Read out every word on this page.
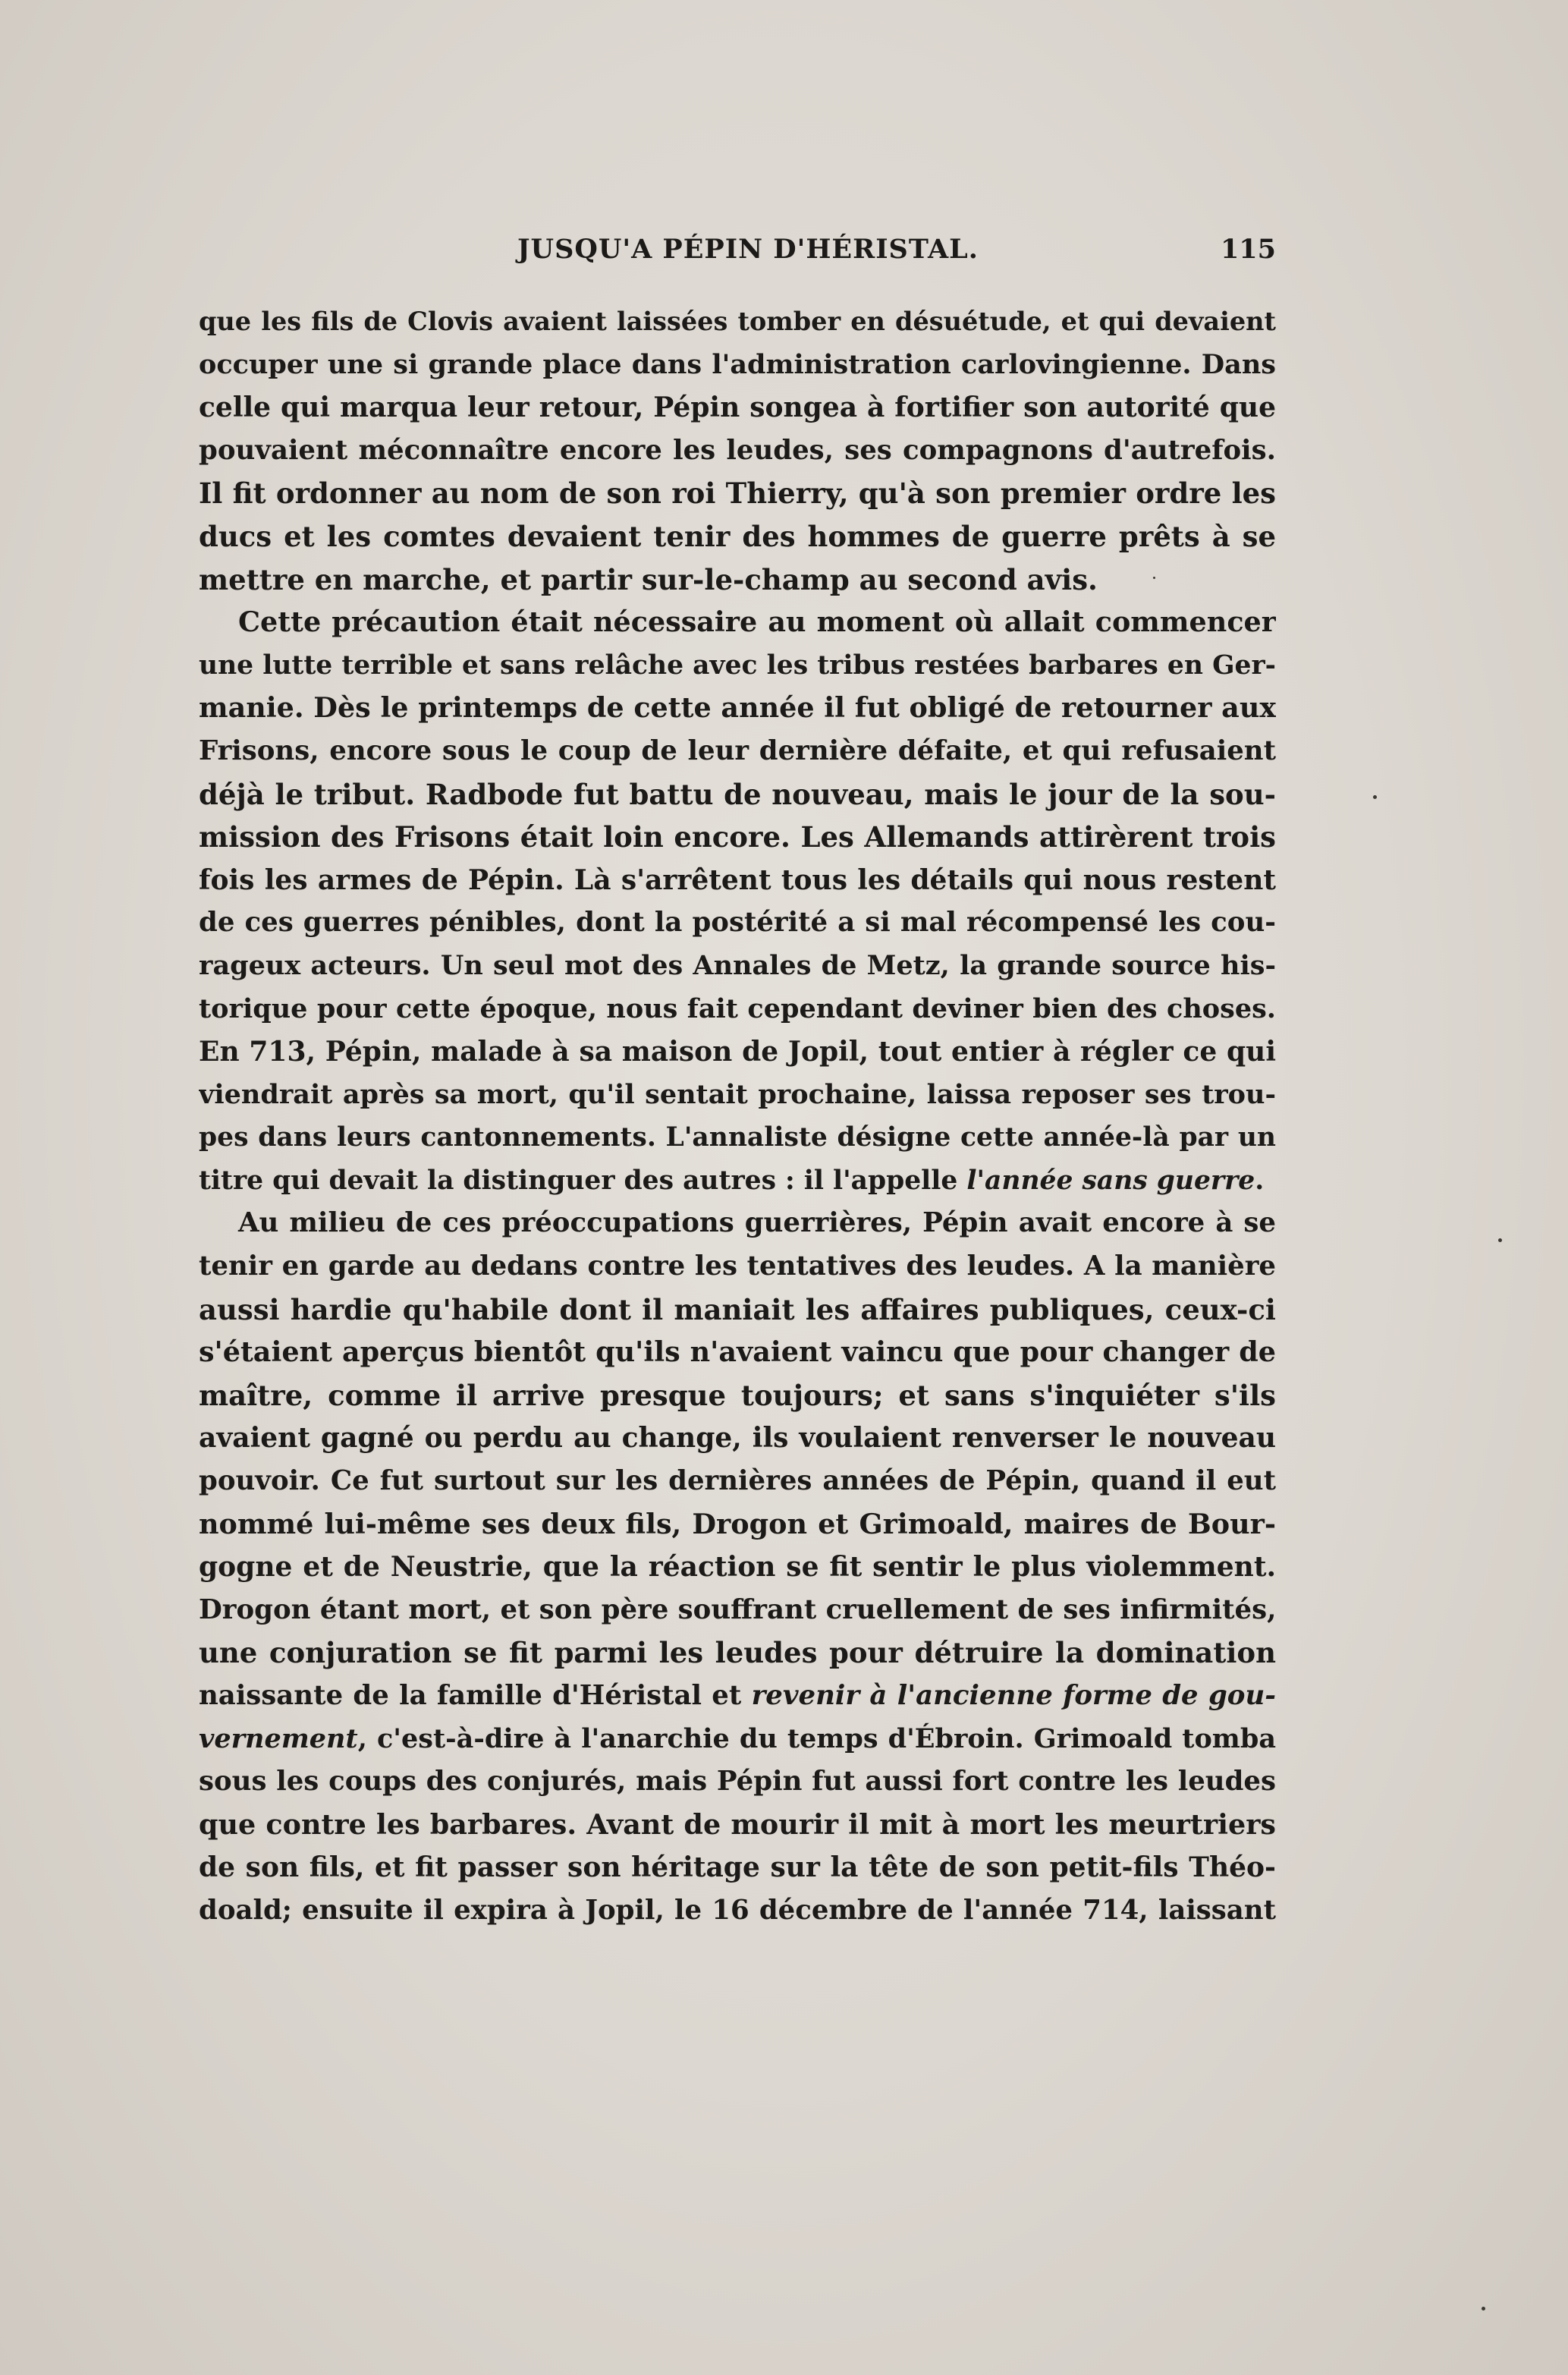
JUSQU'A PÉPIN D'HÉRISTAL.	115
que les fils de Clovis avaient laissées tomber en désuétude, et qui devaient
occuper une si grande place dans l'administration carlovingienne. Dans
celle qui marqua leur retour, Pépin songea à fortifier son autorité que
pouvaient méconnaître encore les leudes, ses compagnons d'autrefois.
Il fit ordonner au nom de son roi Thierry, qu'à son premier ordre les
ducs et les comtes devaient tenir des hommes de guerre prêts à se
mettre en marche, et partir sur-le-champ au second avis.
Cette précaution était nécessaire au moment où allait commencer
une lutte terrible et sans relâche avec les tribus restées barbares en Ger-
manie. Dès le printemps de cette année il fut obligé de retourner aux
Frisons, encore sous le coup de leur dernière défaite, et qui refusaient
déjà le tribut. Radbode fut battu de nouveau, mais le jour de la sou-
mission des Frisons était loin encore. Les Allemands attirèrent trois
fois les armes de Pépin. Là s'arrêtent tous les détails qui nous restent
de ces guerres pénibles, dont la postérité a si mal récompensé les cou-
rageux acteurs. Un seul mot des Annales de Metz, la grande source his-
torique pour cette époque, nous fait cependant deviner bien des choses.
En 713, Pépin, malade à sa maison de Jopil, tout entier à régler ce qui
viendrait après sa mort, qu'il sentait prochaine, laissa reposer ses trou-
pes dans leurs cantonnements. L'annaliste désigne cette année-là par un
titre qui devait la distinguer des autres : il l'appelle l'année sans guerre.
Au milieu de ces préoccupations guerrières, Pépin avait encore à se
tenir en garde au dedans contre les tentatives des leudes. A la manière
aussi hardie qu'habile dont il maniait les affaires publiques, ceux-ci
s'étaient aperçus bientôt qu'ils n'avaient vaincu que pour changer de
maître, comme il arrive presque toujours; et sans s'inquiéter s'ils
avaient gagné ou perdu au change, ils voulaient renverser le nouveau
pouvoir. Ce fut surtout sur les dernières années de Pépin, quand il eut
nommé lui-même ses deux fils, Drogon et Grimoald, maires de Bour-
gogne et de Neustrie, que la réaction se fit sentir le plus violemment.
Drogon étant mort, et son père souffrant cruellement de ses infirmités,
une conjuration se fit parmi les leudes pour détruire la domination
naissante de la famille d'Héristal et revenir à l'ancienne forme de gou-
vernement, c'est-à-dire à l'anarchie du temps d'Ébroin. Grimoald tomba
sous les coups des conjurés, mais Pépin fut aussi fort contre les leudes
que contre les barbares. Avant de mourir il mit à mort les meurtriers
de son fils, et fit passer son héritage sur la tête de son petit-fils Théo-
doald; ensuite il expira à Jopil, le 16 décembre de l'année 714, laissant
